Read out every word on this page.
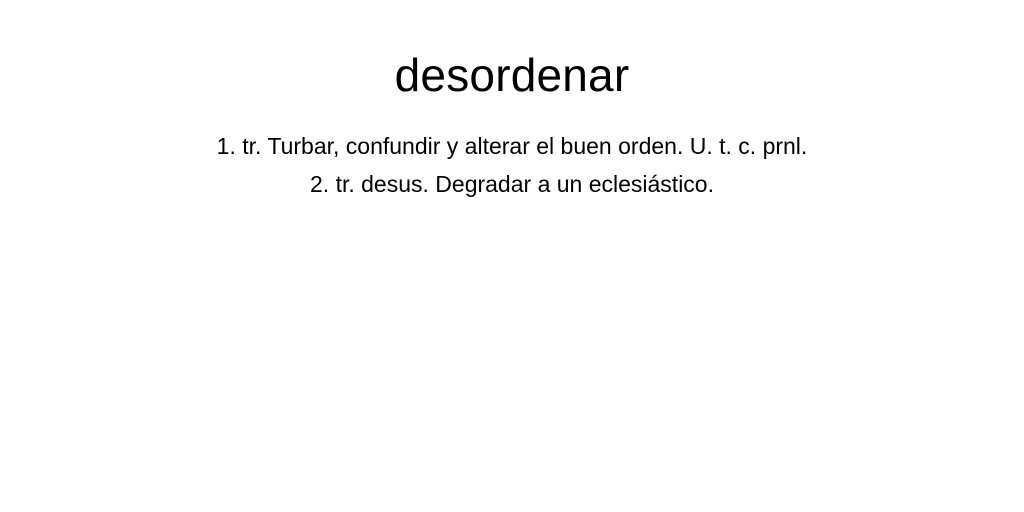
desordenar
1. tr. Turbar, confundir y alterar el buen orden. U. t. c. prnl.
2. tr. desus. Degradar a un eclesiástico.
